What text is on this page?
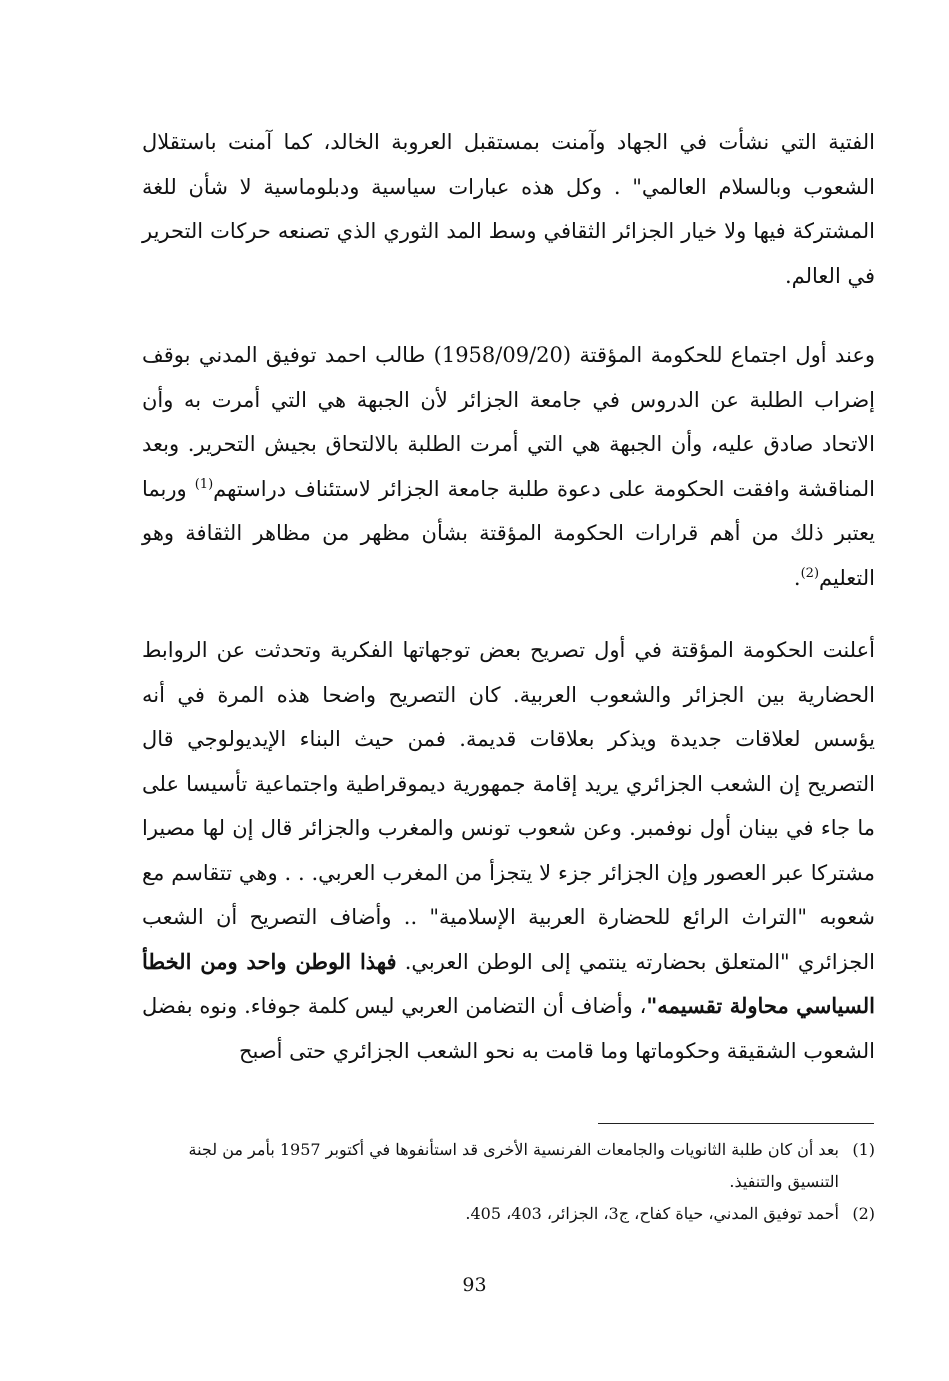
الفتية التي نشأت في الجهاد وآمنت بمستقبل العروبة الخالد، كما آمنت باستقلال الشعوب وبالسلام العالمي" . وكل هذه عبارات سياسية ودبلوماسية لا شأن للغة المشتركة فيها ولا خيار الجزائر الثقافي وسط المد الثوري الذي تصنعه حركات التحرير في العالم.

وعند أول اجتماع للحكومة المؤقتة (1958/09/20) طالب احمد توفيق المدني بوقف إضراب الطلبة عن الدروس في جامعة الجزائر لأن الجبهة هي التي أمرت به وأن الاتحاد صادق عليه، وأن الجبهة هي التي أمرت الطلبة بالالتحاق بجيش التحرير. وبعد المناقشة وافقت الحكومة على دعوة طلبة جامعة الجزائر لاستئناف دراستهم$^{(1)}$ وربما يعتبر ذلك من أهم قرارات الحكومة المؤقتة بشأن مظهر من مظاهر الثقافة وهو التعليم$^{(2)}$.

أعلنت الحكومة المؤقتة في أول تصريح بعض توجهاتها الفكرية وتحدثت عن الروابط الحضارية بين الجزائر والشعوب العربية. كان التصريح واضحا هذه المرة في أنه يؤسس لعلاقات جديدة ويذكر بعلاقات قديمة. فمن حيث البناء الإيديولوجي قال التصريح إن الشعب الجزائري يريد إقامة جمهورية ديموقراطية واجتماعية تأسيسا على ما جاء في بينان أول نوفمبر. وعن شعوب تونس والمغرب والجزائر قال إن لها مصيرا مشتركا عبر العصور وإن الجزائر جزء لا يتجزأ من المغرب العربي. . . وهي تتقاسم مع شعوبه "التراث الرائع للحضارة العربية الإسلامية" .. وأضاف التصريح أن الشعب الجزائري "المتعلق بحضارته ينتمي إلى الوطن العربي. فهذا الوطن واحد ومن الخطأ السياسي محاولة تقسيمه"، وأضاف أن التضامن العربي ليس كلمة جوفاء. ونوه بفضل الشعوب الشقيقة وحكوماتها وما قامت به نحو الشعب الجزائري حتى أصبح

(1)
بعد أن كان طلبة الثانويات والجامعات الفرنسية الأخرى قد استأنفوها في أكتوبر 1957 بأمر من لجنة التنسيق والتنفيذ.
(2)
أحمد توفيق المدني، حياة كفاح، ج3، الجزائر، 403، 405.
93
